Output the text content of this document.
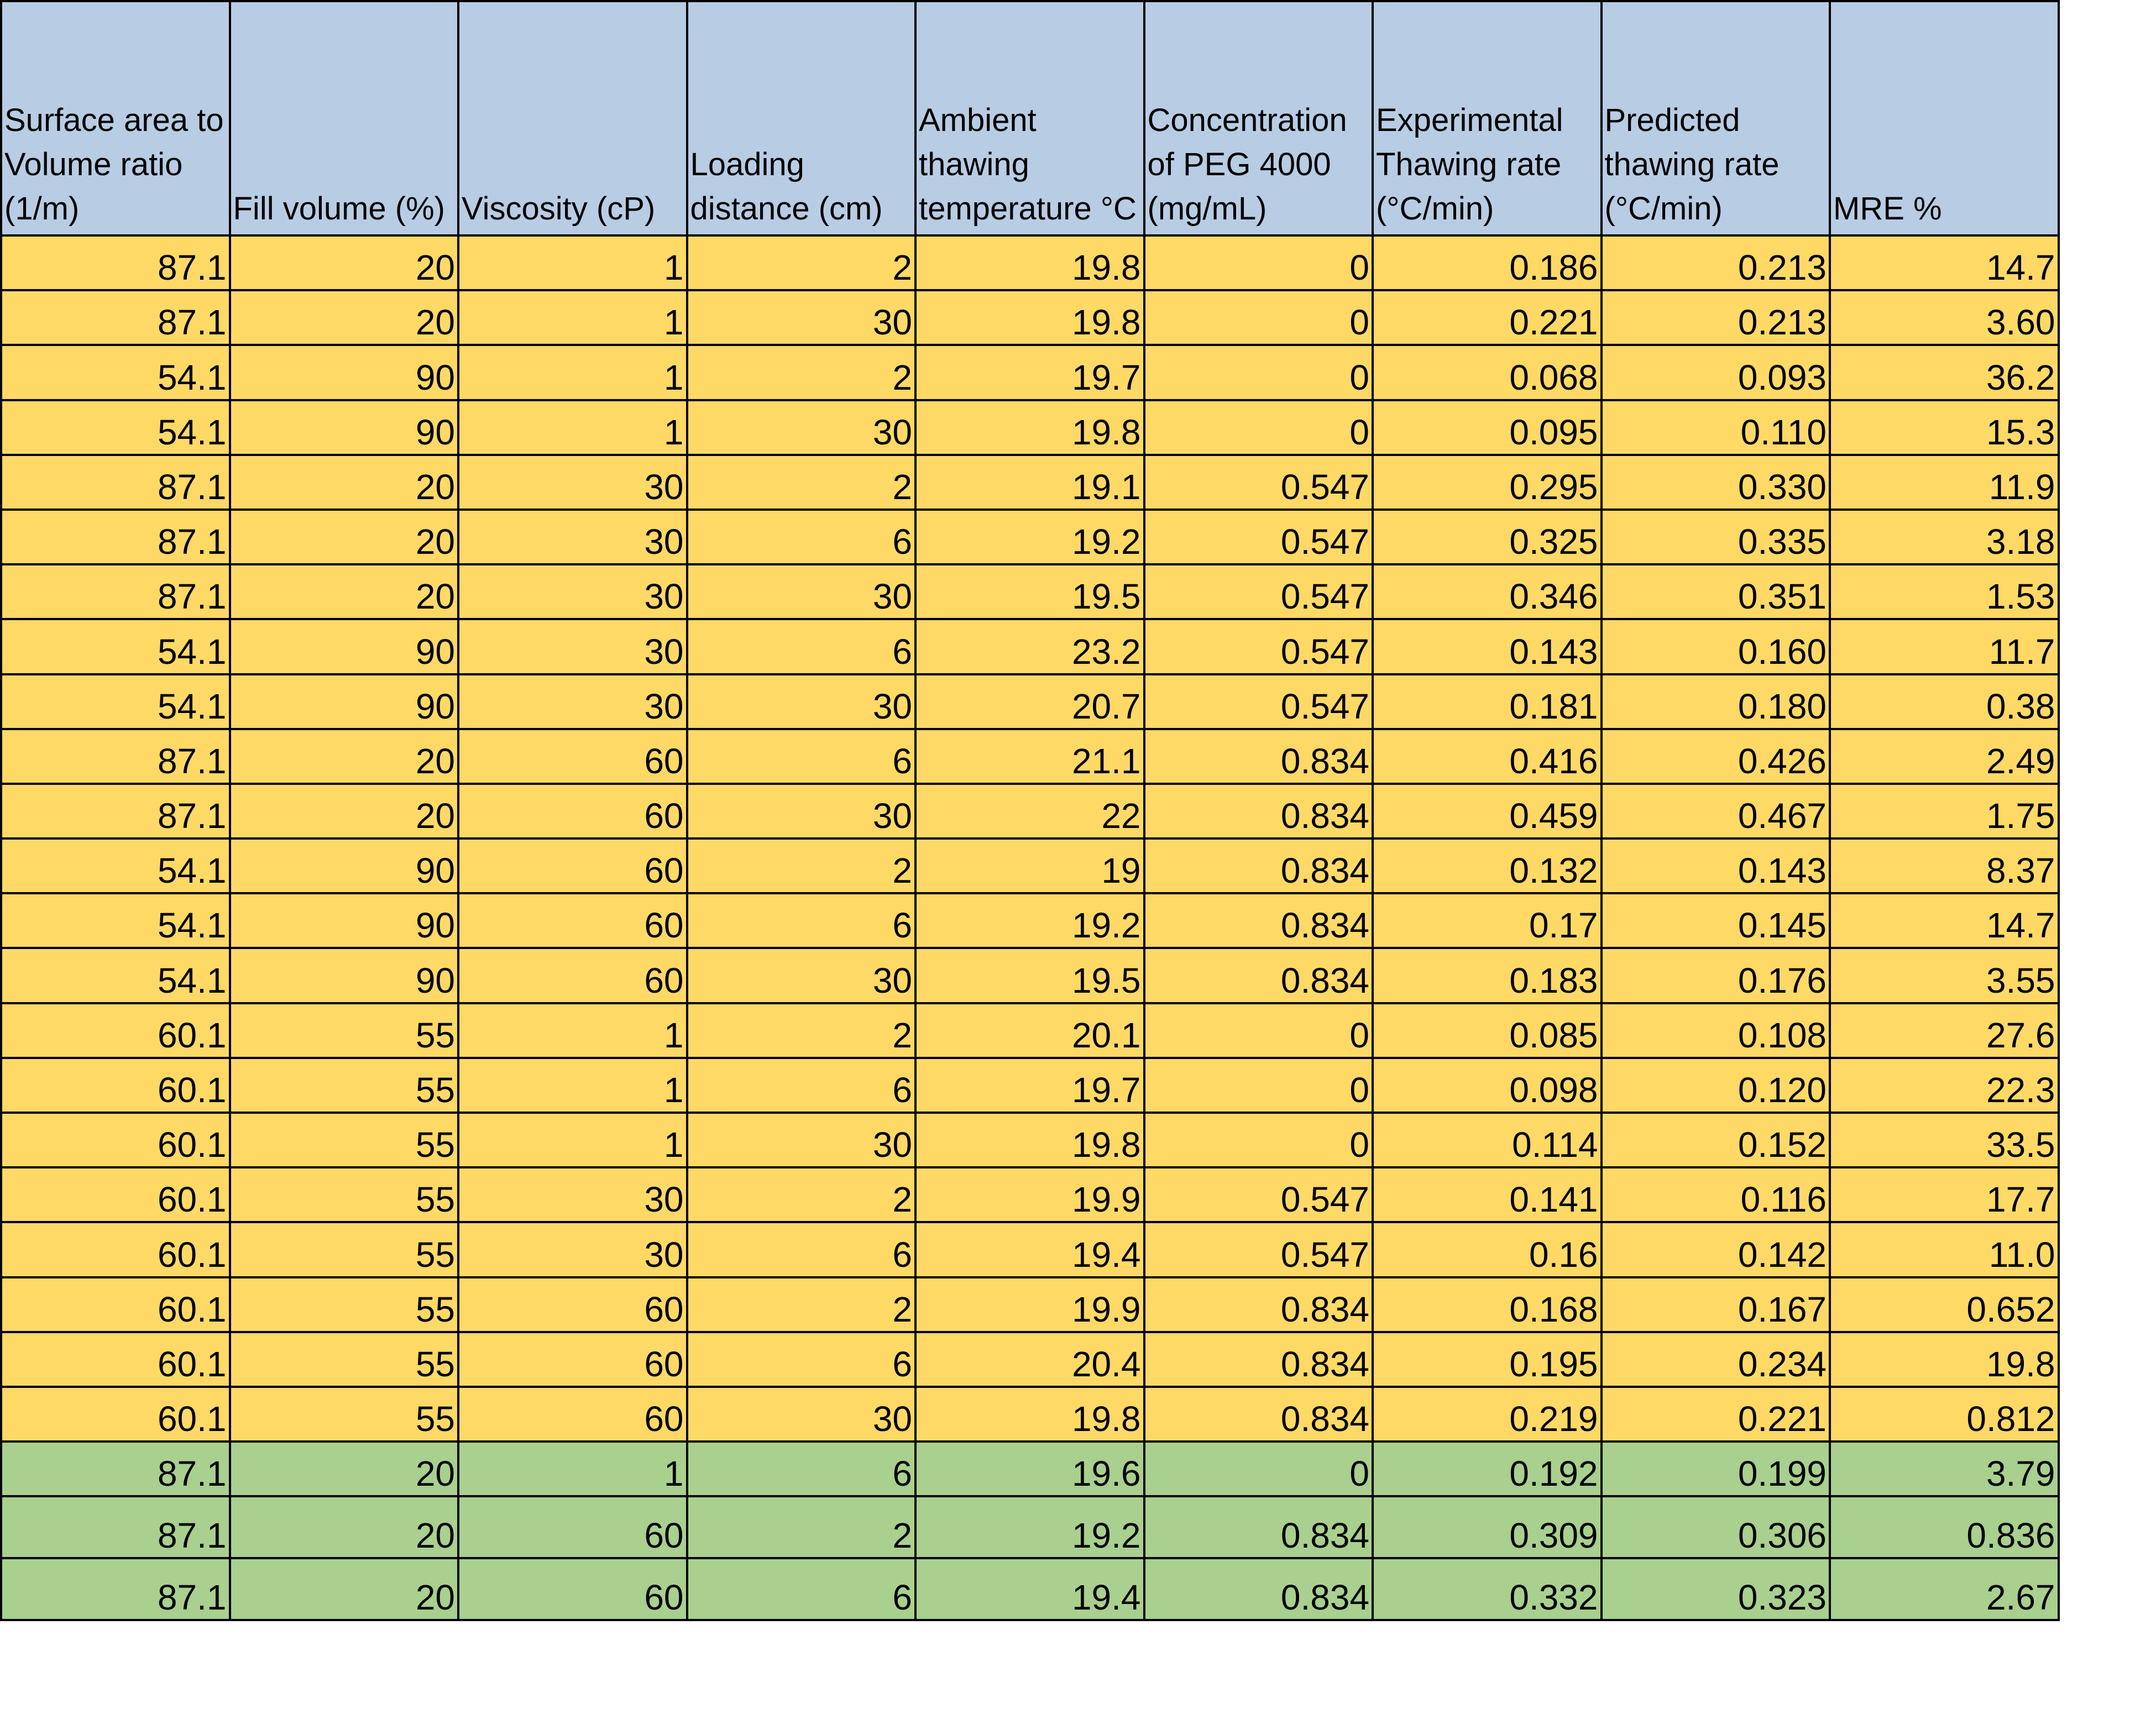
Surface area to Volume ratio (1/m)	Fill volume (%)	Viscosity (cP)	Loading distance (cm)	Ambient thawing temperature °C	Concentration of PEG 4000 (mg/mL)	Experimental Thawing rate (°C/min)	Predicted thawing rate (°C/min)	MRE %
87.1	20	1	2	19.8	0	0.186	0.213	14.7
87.1	20	1	30	19.8	0	0.221	0.213	3.60
54.1	90	1	2	19.7	0	0.068	0.093	36.2
54.1	90	1	30	19.8	0	0.095	0.110	15.3
87.1	20	30	2	19.1	0.547	0.295	0.330	11.9
87.1	20	30	6	19.2	0.547	0.325	0.335	3.18
87.1	20	30	30	19.5	0.547	0.346	0.351	1.53
54.1	90	30	6	23.2	0.547	0.143	0.160	11.7
54.1	90	30	30	20.7	0.547	0.181	0.180	0.38
87.1	20	60	6	21.1	0.834	0.416	0.426	2.49
87.1	20	60	30	22	0.834	0.459	0.467	1.75
54.1	90	60	2	19	0.834	0.132	0.143	8.37
54.1	90	60	6	19.2	0.834	0.17	0.145	14.7
54.1	90	60	30	19.5	0.834	0.183	0.176	3.55
60.1	55	1	2	20.1	0	0.085	0.108	27.6
60.1	55	1	6	19.7	0	0.098	0.120	22.3
60.1	55	1	30	19.8	0	0.114	0.152	33.5
60.1	55	30	2	19.9	0.547	0.141	0.116	17.7
60.1	55	30	6	19.4	0.547	0.16	0.142	11.0
60.1	55	60	2	19.9	0.834	0.168	0.167	0.652
60.1	55	60	6	20.4	0.834	0.195	0.234	19.8
60.1	55	60	30	19.8	0.834	0.219	0.221	0.812
87.1	20	1	6	19.6	0	0.192	0.199	3.79
87.1	20	60	2	19.2	0.834	0.309	0.306	0.836
87.1	20	60	6	19.4	0.834	0.332	0.323	2.67
